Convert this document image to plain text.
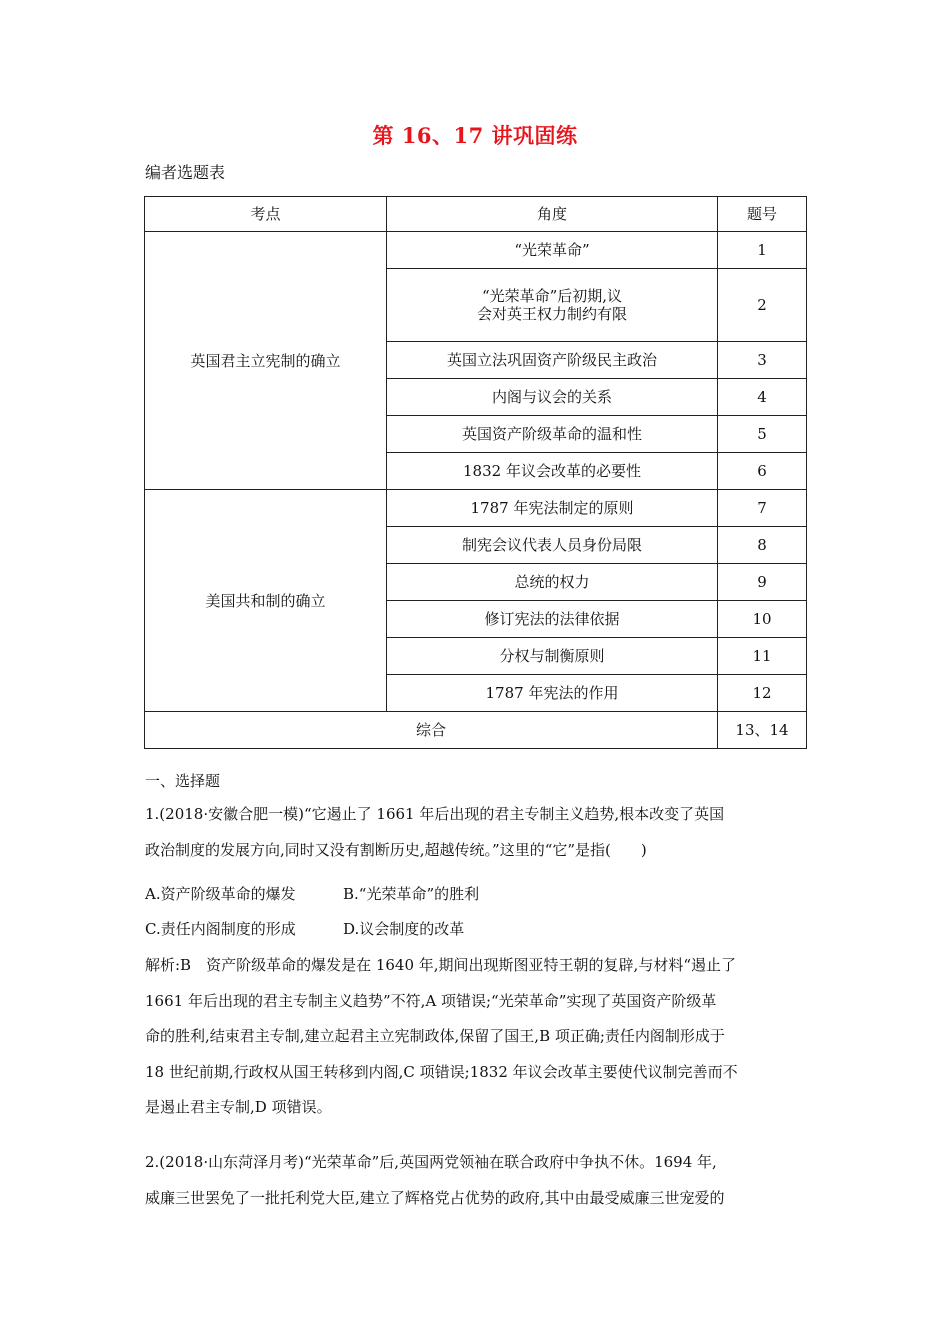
第 16、17 讲巩固练
编者选题表
考点	角度	题号
英国君主立宪制的确立	“光荣革命”	1

	“光荣革命”后初期,议
会对英王权力制约有限	2
	英国立法巩固资产阶级民主政治	3
	内阁与议会的关系	4
	英国资产阶级革命的温和性	5
	1832 年议会改革的必要性	6

美国共和制的确立	1787 年宪法制定的原则	7
	制宪会议代表人员身份局限	8
	总统的权力	9
	修订宪法的法律依据	10
	分权与制衡原则	11
	1787 年宪法的作用	12
综合		13、14
一、选择题
1.(2018·安徽合肥一模)“它遏止了 1661 年后出现的君主专制主义趋势,根本改变了英国
政治制度的发展方向,同时又没有割断历史,超越传统。”这里的“它”是指(　　)
A.资产阶级革命的爆发	B.“光荣革命”的胜利
C.责任内阁制度的形成	D.议会制度的改革
解析:B　资产阶级革命的爆发是在 1640 年,期间出现斯图亚特王朝的复辟,与材料“遏止了
1661 年后出现的君主专制主义趋势”不符,A 项错误;“光荣革命”实现了英国资产阶级革
命的胜利,结束君主专制,建立起君主立宪制政体,保留了国王,B 项正确;责任内阁制形成于
18 世纪前期,行政权从国王转移到内阁,C 项错误;1832 年议会改革主要使代议制完善而不
是遏止君主专制,D 项错误。
2.(2018·山东菏泽月考)“光荣革命”后,英国两党领袖在联合政府中争执不休。1694 年,
威廉三世罢免了一批托利党大臣,建立了辉格党占优势的政府,其中由最受威廉三世宠爱的
